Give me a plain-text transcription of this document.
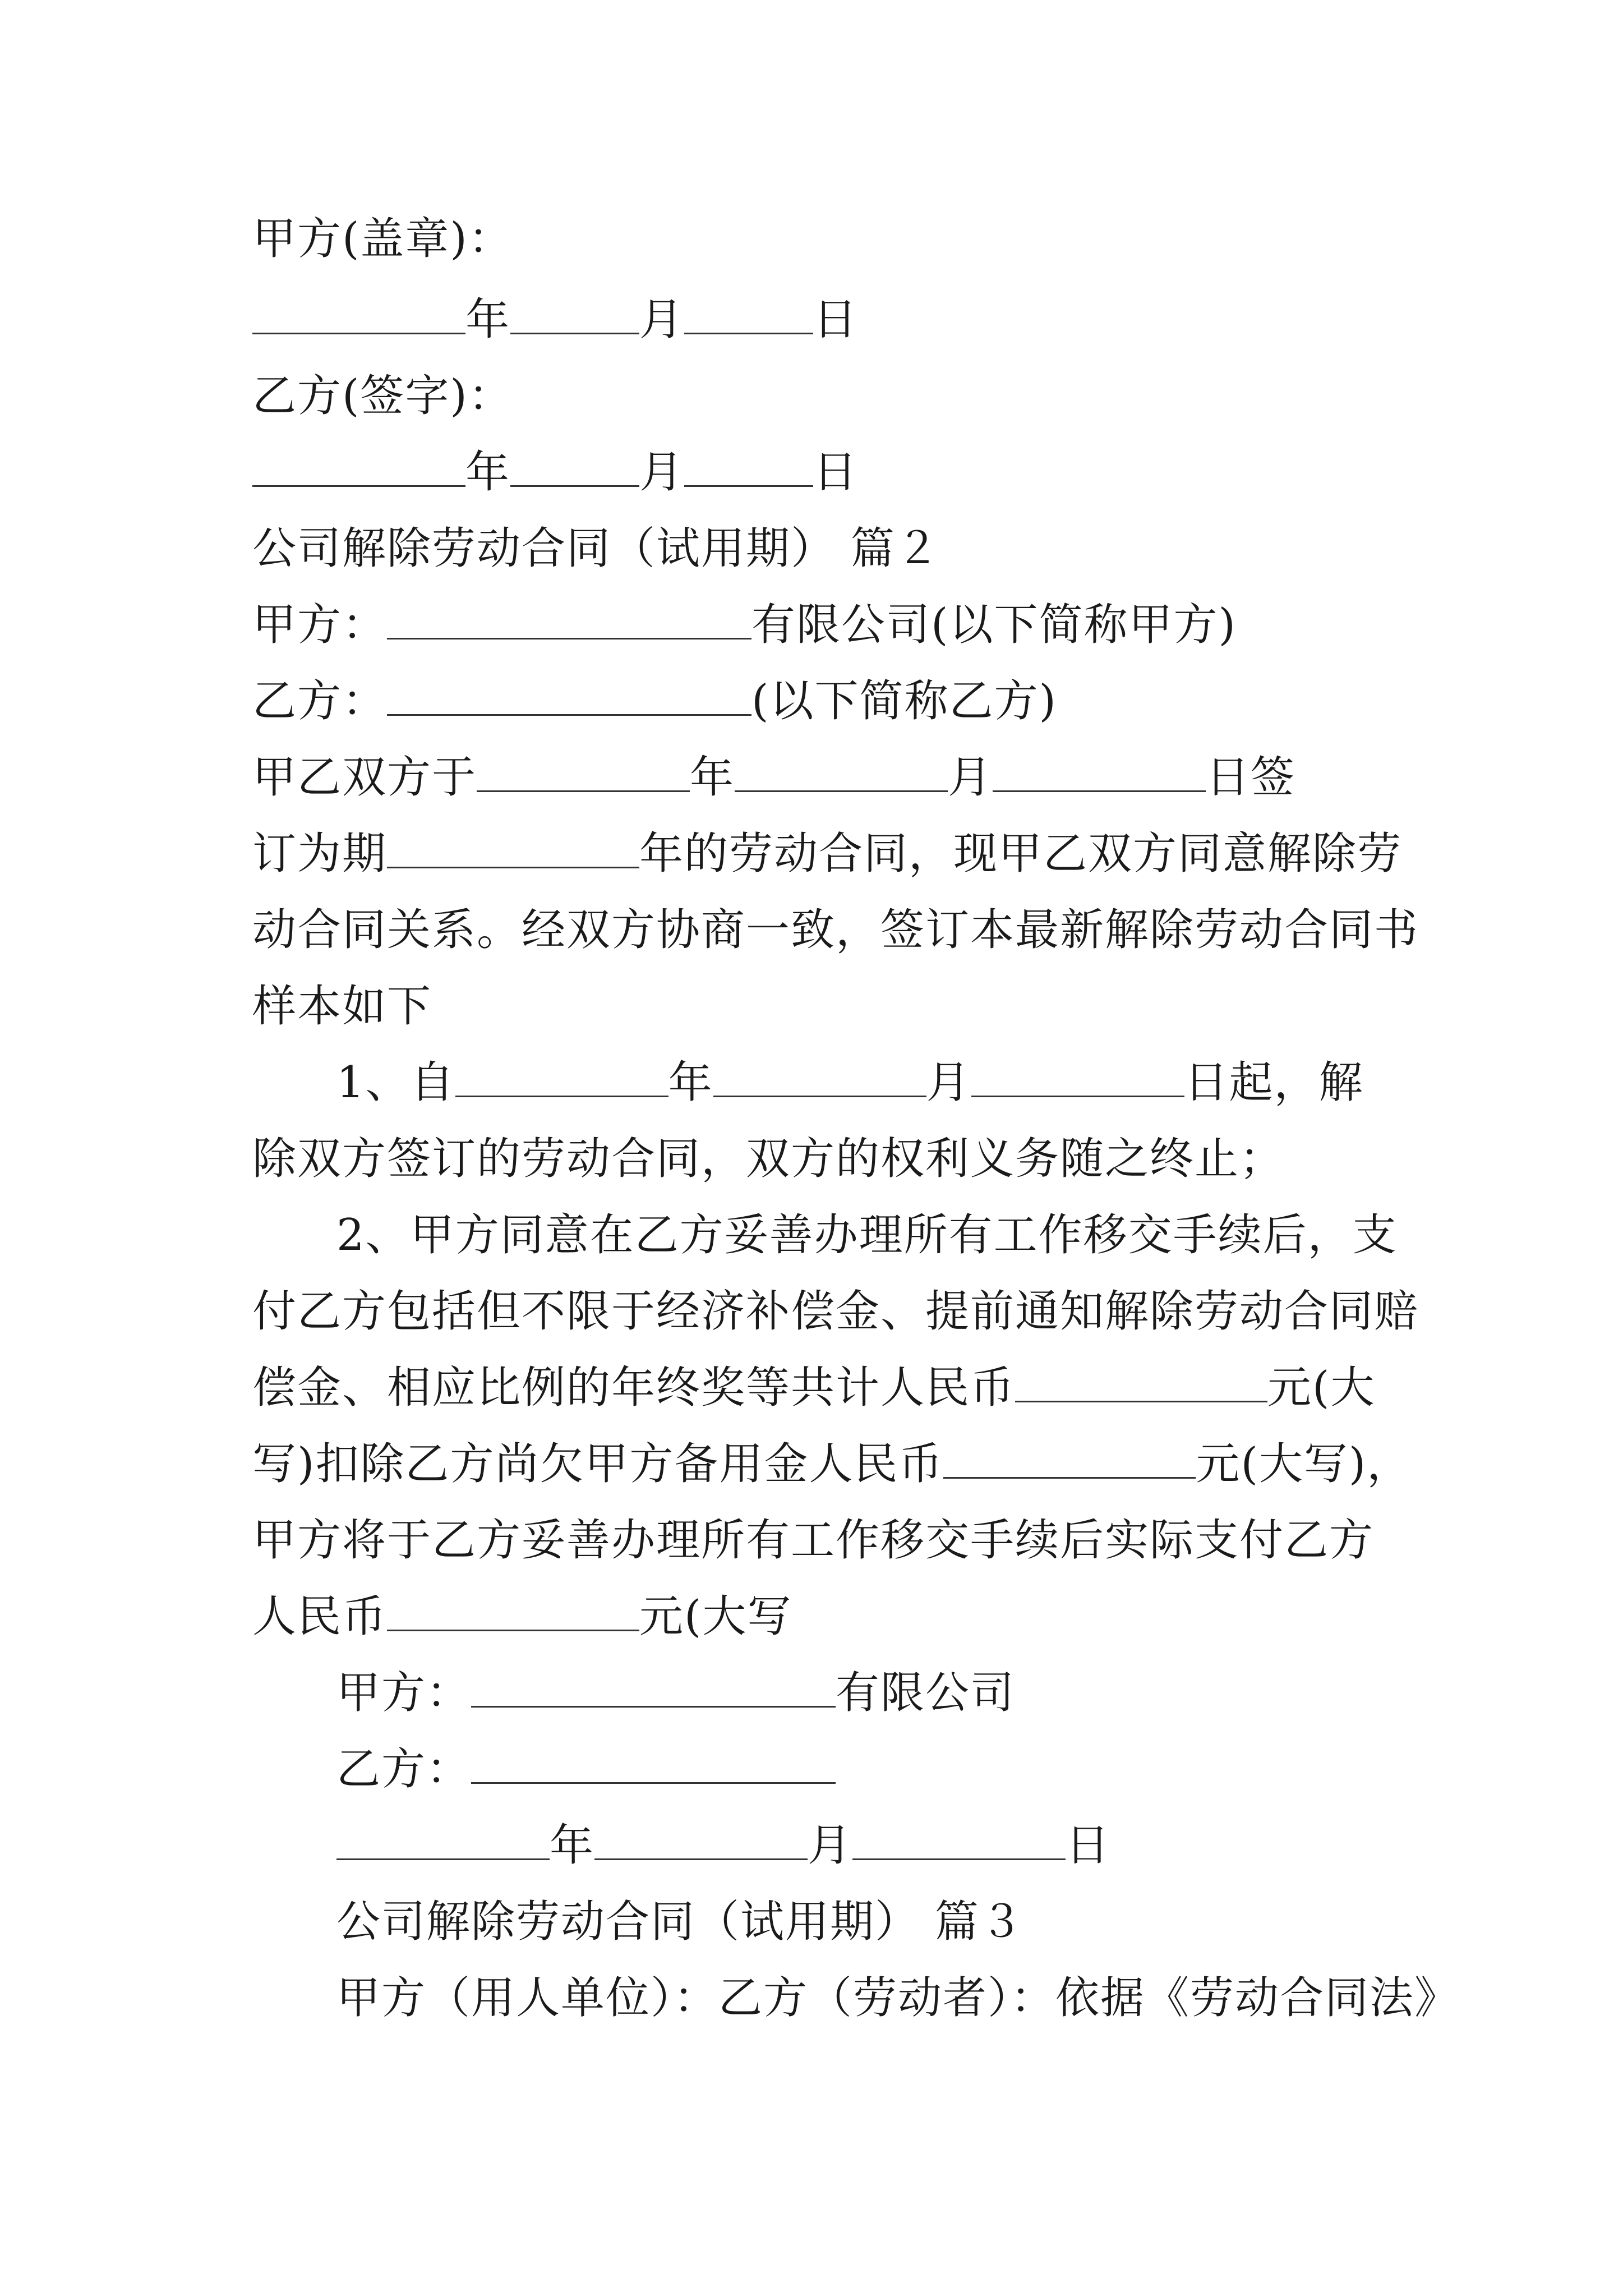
甲方(盖章)：
年	月	日
乙方(签字)：
年	月	日
公司解除劳动合同（试用期） 篇２
甲方：	有限公司(以下简称甲方)
乙方：	(以下简称乙方)
甲乙双方于	年	月	日签
订为期	年的劳动合同，现甲乙双方同意解除劳
动合同关系。经双方协商一致，签订本最新解除劳动合同书
样本如下
1、自	年	月	日起，解
除双方签订的劳动合同，双方的权利义务随之终止；
2、甲方同意在乙方妥善办理所有工作移交手续后，支
付乙方包括但不限于经济补偿金、提前通知解除劳动合同赔
偿金、相应比例的年终奖等共计人民币	元(大
写)扣除乙方尚欠甲方备用金人民币	元(大写)，
甲方将于乙方妥善办理所有工作移交手续后实际支付乙方
人民币	元(大写
甲方：	有限公司
乙方：
年	月	日
公司解除劳动合同（试用期） 篇３
甲方（用人单位）：乙方（劳动者）：依据《劳动合同法》
